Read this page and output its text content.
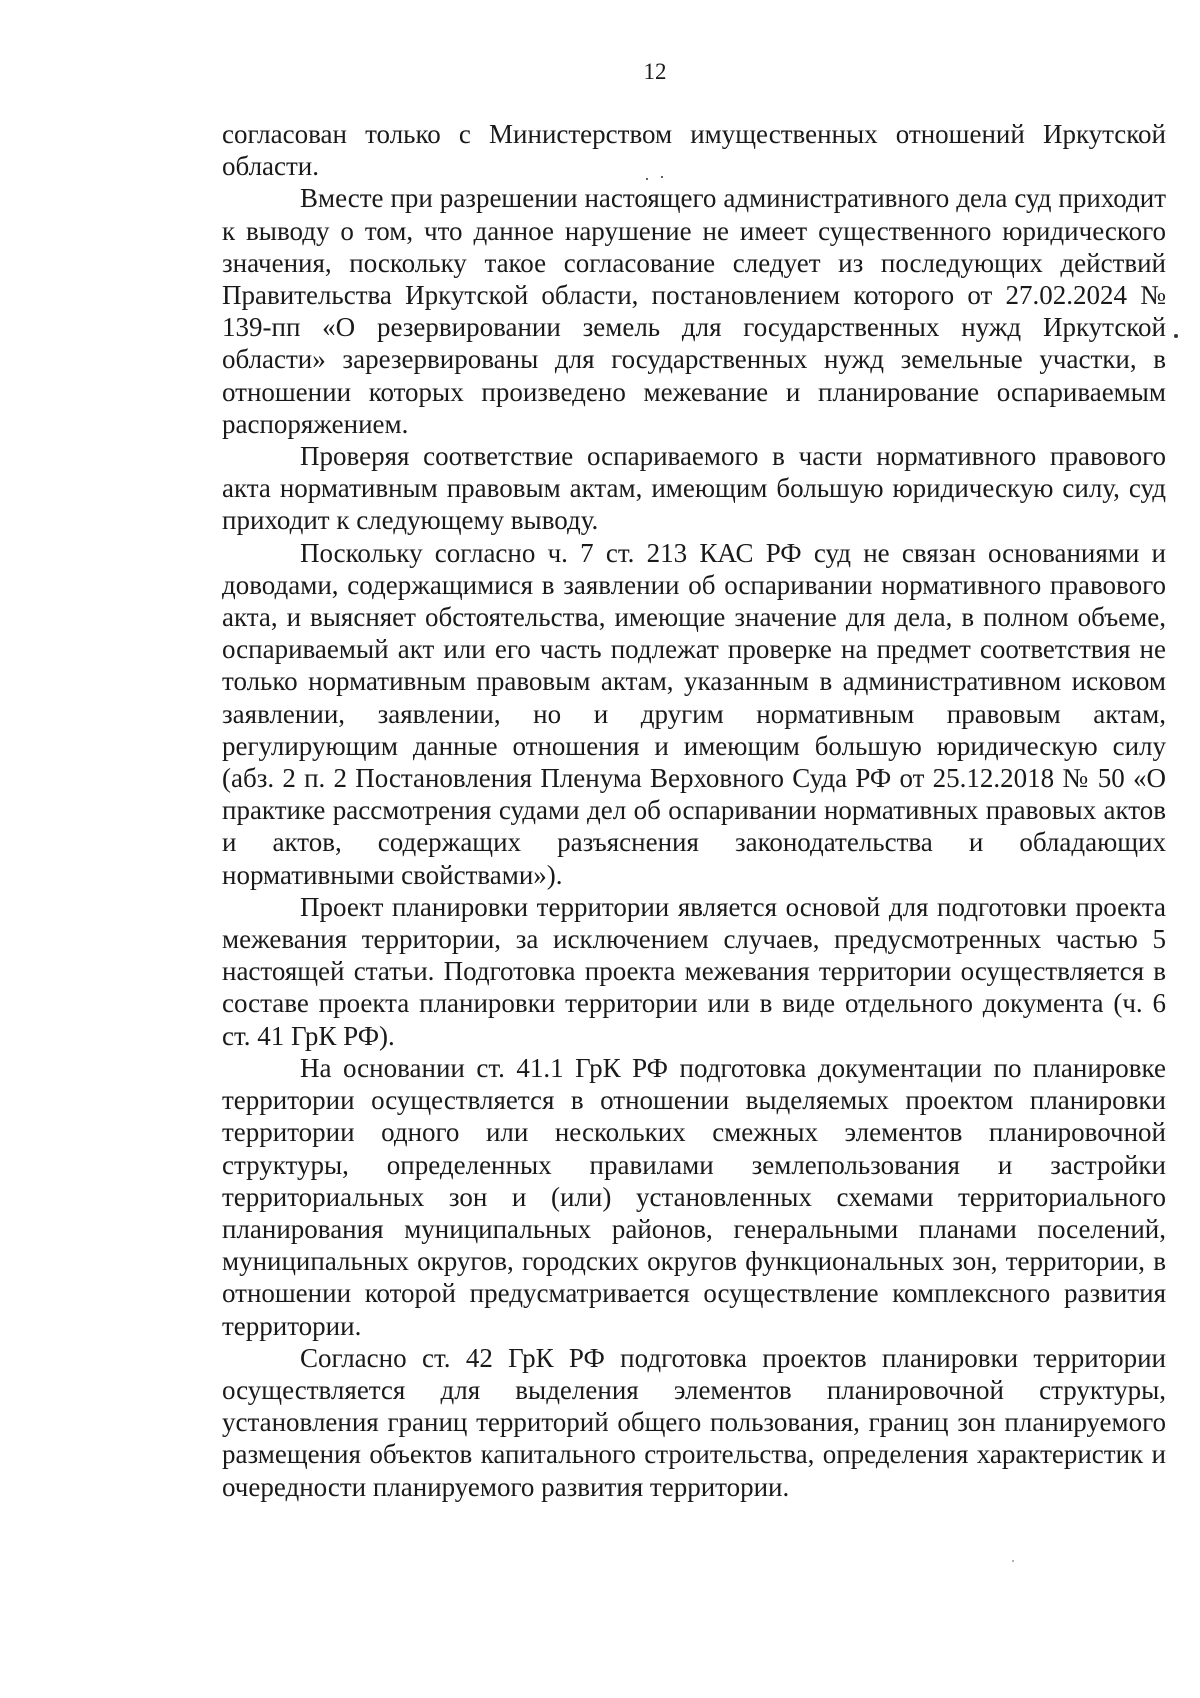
12

согласован только с Министерством имущественных отношений Иркутской области.

Вместе при разрешении настоящего административного дела суд приходит к выводу о том, что данное нарушение не имеет существенного юридического значения, поскольку такое согласование следует из последующих действий Правительства Иркутской области, постановлением которого от 27.02.2024 № 139-пп «О резервировании земель для государственных нужд Иркутской области» зарезервированы для государственных нужд земельные участки, в отношении которых произведено межевание и планирование оспариваемым распоряжением.

Проверяя соответствие оспариваемого в части нормативного правового акта нормативным правовым актам, имеющим большую юридическую силу, суд приходит к следующему выводу.

Поскольку согласно ч. 7 ст. 213 КАС РФ суд не связан основаниями и доводами, содержащимися в заявлении об оспаривании нормативного правового акта, и выясняет обстоятельства, имеющие значение для дела, в полном объеме, оспариваемый акт или его часть подлежат проверке на предмет соответствия не только нормативным правовым актам, указанным в административном исковом заявлении, заявлении, но и другим нормативным правовым актам, регулирующим данные отношения и имеющим большую юридическую силу (абз. 2 п. 2 Постановления Пленума Верховного Суда РФ от 25.12.2018 № 50 «О практике рассмотрения судами дел об оспаривании нормативных правовых актов и актов, содержащих разъяснения законодательства и обладающих нормативными свойствами»).

Проект планировки территории является основой для подготовки проекта межевания территории, за исключением случаев, предусмотренных частью 5 настоящей статьи. Подготовка проекта межевания территории осуществляется в составе проекта планировки территории или в виде отдельного документа (ч. 6 ст. 41 ГрК РФ).

На основании ст. 41.1 ГрК РФ подготовка документации по планировке территории осуществляется в отношении выделяемых проектом планировки территории одного или нескольких смежных элементов планировочной структуры, определенных правилами землепользования и застройки территориальных зон и (или) установленных схемами территориального планирования муниципальных районов, генеральными планами поселений, муниципальных округов, городских округов функциональных зон, территории, в отношении которой предусматривается осуществление комплексного развития территории.

Согласно ст. 42 ГрК РФ подготовка проектов планировки территории осуществляется для выделения элементов планировочной структуры, установления границ территорий общего пользования, границ зон планируемого размещения объектов капитального строительства, определения характеристик и очередности планируемого развития территории.
